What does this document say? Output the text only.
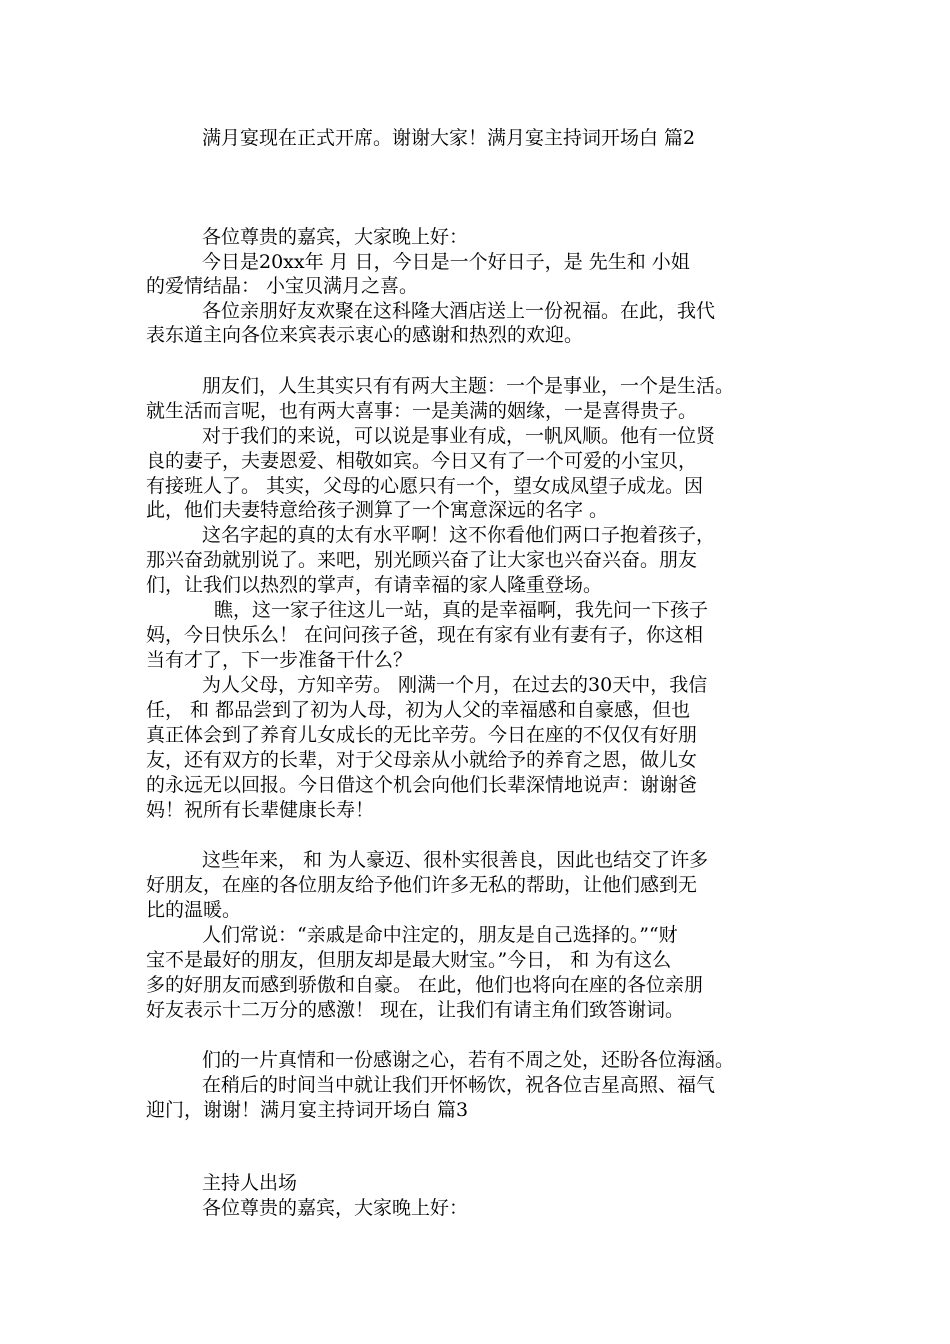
满月宴现在正式开席。谢谢大家！满月宴主持词开场白 篇2
各位尊贵的嘉宾，大家晚上好：
今日是20xx年 月 日，今日是一个好日子，是 先生和 小姐
的爱情结晶： 小宝贝满月之喜。
各位亲朋好友欢聚在这科隆大酒店送上一份祝福。在此，我代
表东道主向各位来宾表示衷心的感谢和热烈的欢迎。
朋友们，人生其实只有有两大主题：一个是事业，一个是生活。
就生活而言呢，也有两大喜事：一是美满的姻缘，一是喜得贵子。
对于我们的来说，可以说是事业有成，一帆风顺。他有一位贤
良的妻子，夫妻恩爱、相敬如宾。今日又有了一个可爱的小宝贝，
有接班人了。 其实，父母的心愿只有一个，望女成凤望子成龙。因
此，他们夫妻特意给孩子测算了一个寓意深远的名字 。
这名字起的真的太有水平啊！这不你看他们两口子抱着孩子，
那兴奋劲就别说了。来吧，别光顾兴奋了让大家也兴奋兴奋。朋友
们，让我们以热烈的掌声，有请幸福的家人隆重登场。
瞧，这一家子往这儿一站，真的是幸福啊，我先问一下孩子
妈，今日快乐么！ 在问问孩子爸，现在有家有业有妻有子，你这相
当有才了，下一步准备干什么？
为人父母，方知辛劳。 刚满一个月，在过去的30天中，我信
任， 和 都品尝到了初为人母，初为人父的幸福感和自豪感，但也
真正体会到了养育儿女成长的无比辛劳。今日在座的不仅仅有好朋
友，还有双方的长辈，对于父母亲从小就给予的养育之恩，做儿女
的永远无以回报。今日借这个机会向他们长辈深情地说声：谢谢爸
妈！祝所有长辈健康长寿！
这些年来， 和 为人豪迈、很朴实很善良，因此也结交了许多
好朋友，在座的各位朋友给予他们许多无私的帮助，让他们感到无
比的温暖。
人们常说：“亲戚是命中注定的，朋友是自己选择的。”“财
宝不是最好的朋友，但朋友却是最大财宝。”今日， 和 为有这么
多的好朋友而感到骄傲和自豪。 在此，他们也将向在座的各位亲朋
好友表示十二万分的感激！ 现在，让我们有请主角们致答谢词。
们的一片真情和一份感谢之心，若有不周之处，还盼各位海涵。
在稍后的时间当中就让我们开怀畅饮，祝各位吉星高照、福气
迎门，谢谢！满月宴主持词开场白 篇3
主持人出场
各位尊贵的嘉宾，大家晚上好：
